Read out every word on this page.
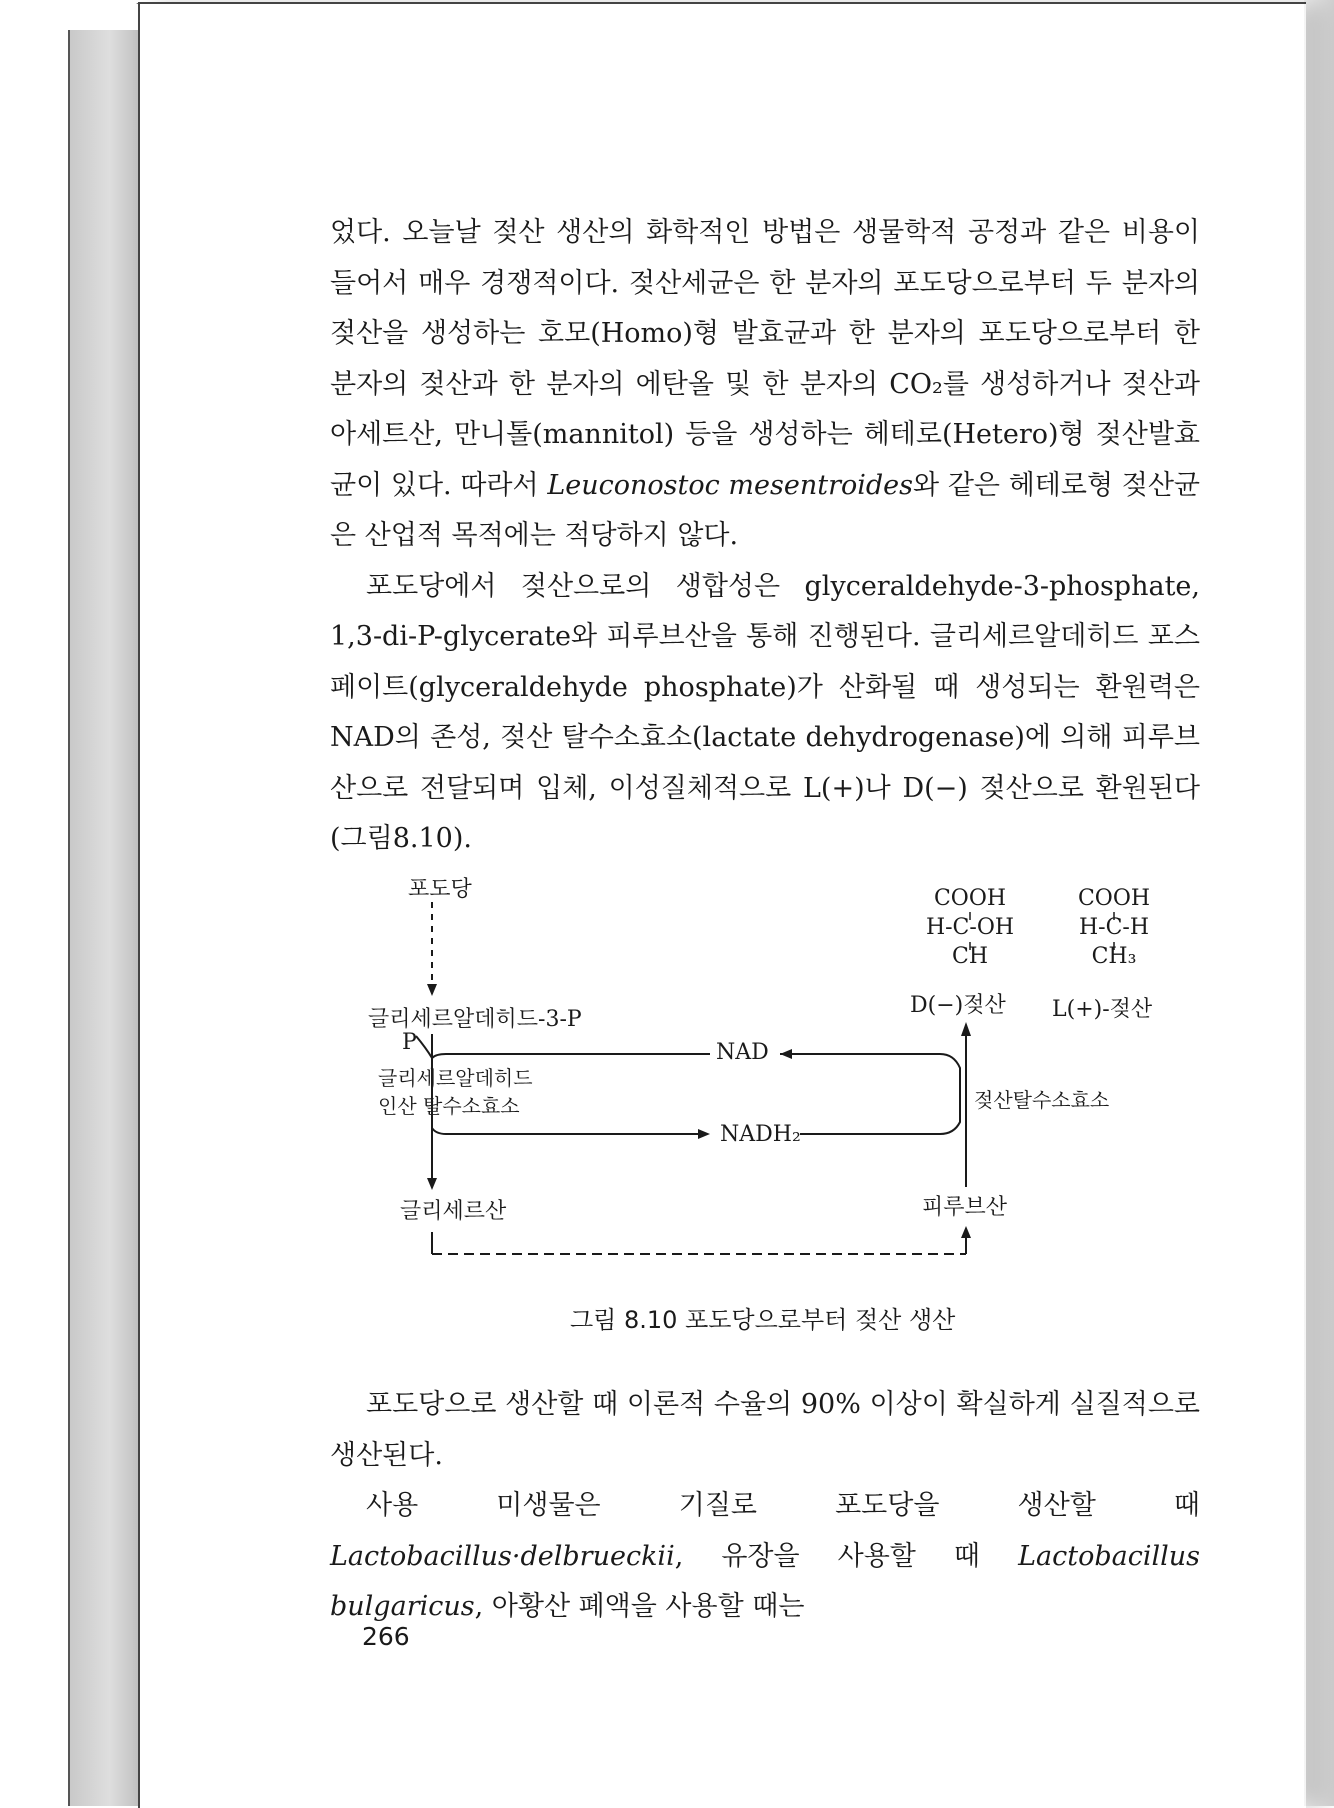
었다. 오늘날 젖산 생산의 화학적인 방법은 생물학적 공정과 같은 비용이 들어서 매우 경쟁적이다. 젖산세균은 한 분자의 포도당으로부터 두 분자의 젖산을 생성하는 호모(Homo)형 발효균과 한 분자의 포도당으로부터 한 분자의 젖산과 한 분자의 에탄올 및 한 분자의 CO₂를 생성하거나 젖산과 아세트산, 만니톨(mannitol) 등을 생성하는 헤테로(Hetero)형 젖산발효균이 있다. 따라서 Leuconostoc mesentroides와 같은 헤테로형 젖산균은 산업적 목적에는 적당하지 않다.

포도당에서 젖산으로의 생합성은 glyceraldehyde-3-phosphate, 1,3-di-P-glycerate와 피루브산을 통해 진행된다. 글리세르알데히드 포스페이트(glyceraldehyde phosphate)가 산화될 때 생성되는 환원력은 NAD의 존성, 젖산 탈수소효소(lactate dehydrogenase)에 의해 피루브산으로 전달되며 입체, 이성질체적으로 L(+)나 D(−) 젖산으로 환원된다(그림8.10).

포도당
글리세르알데히드-3-P
P
글리세르알데히드
인산 탈수소효소
NAD
NADH₂
글리세르산	피루브산
젖산탈수소효소
COOH
H-C-OH
CH
D(−)젖산
COOH
H-C-H
CH₃
L(+)-젖산
그림 8.10 포도당으로부터 젖산 생산

포도당으로 생산할 때 이론적 수율의 90% 이상이 확실하게 실질적으로 생산된다.

사용 미생물은 기질로 포도당을 생산할 때 Lactobacillus·delbrueckii, 유장을 사용할 때 Lactobacillus bulgaricus, 아황산 폐액을 사용할 때는

266
